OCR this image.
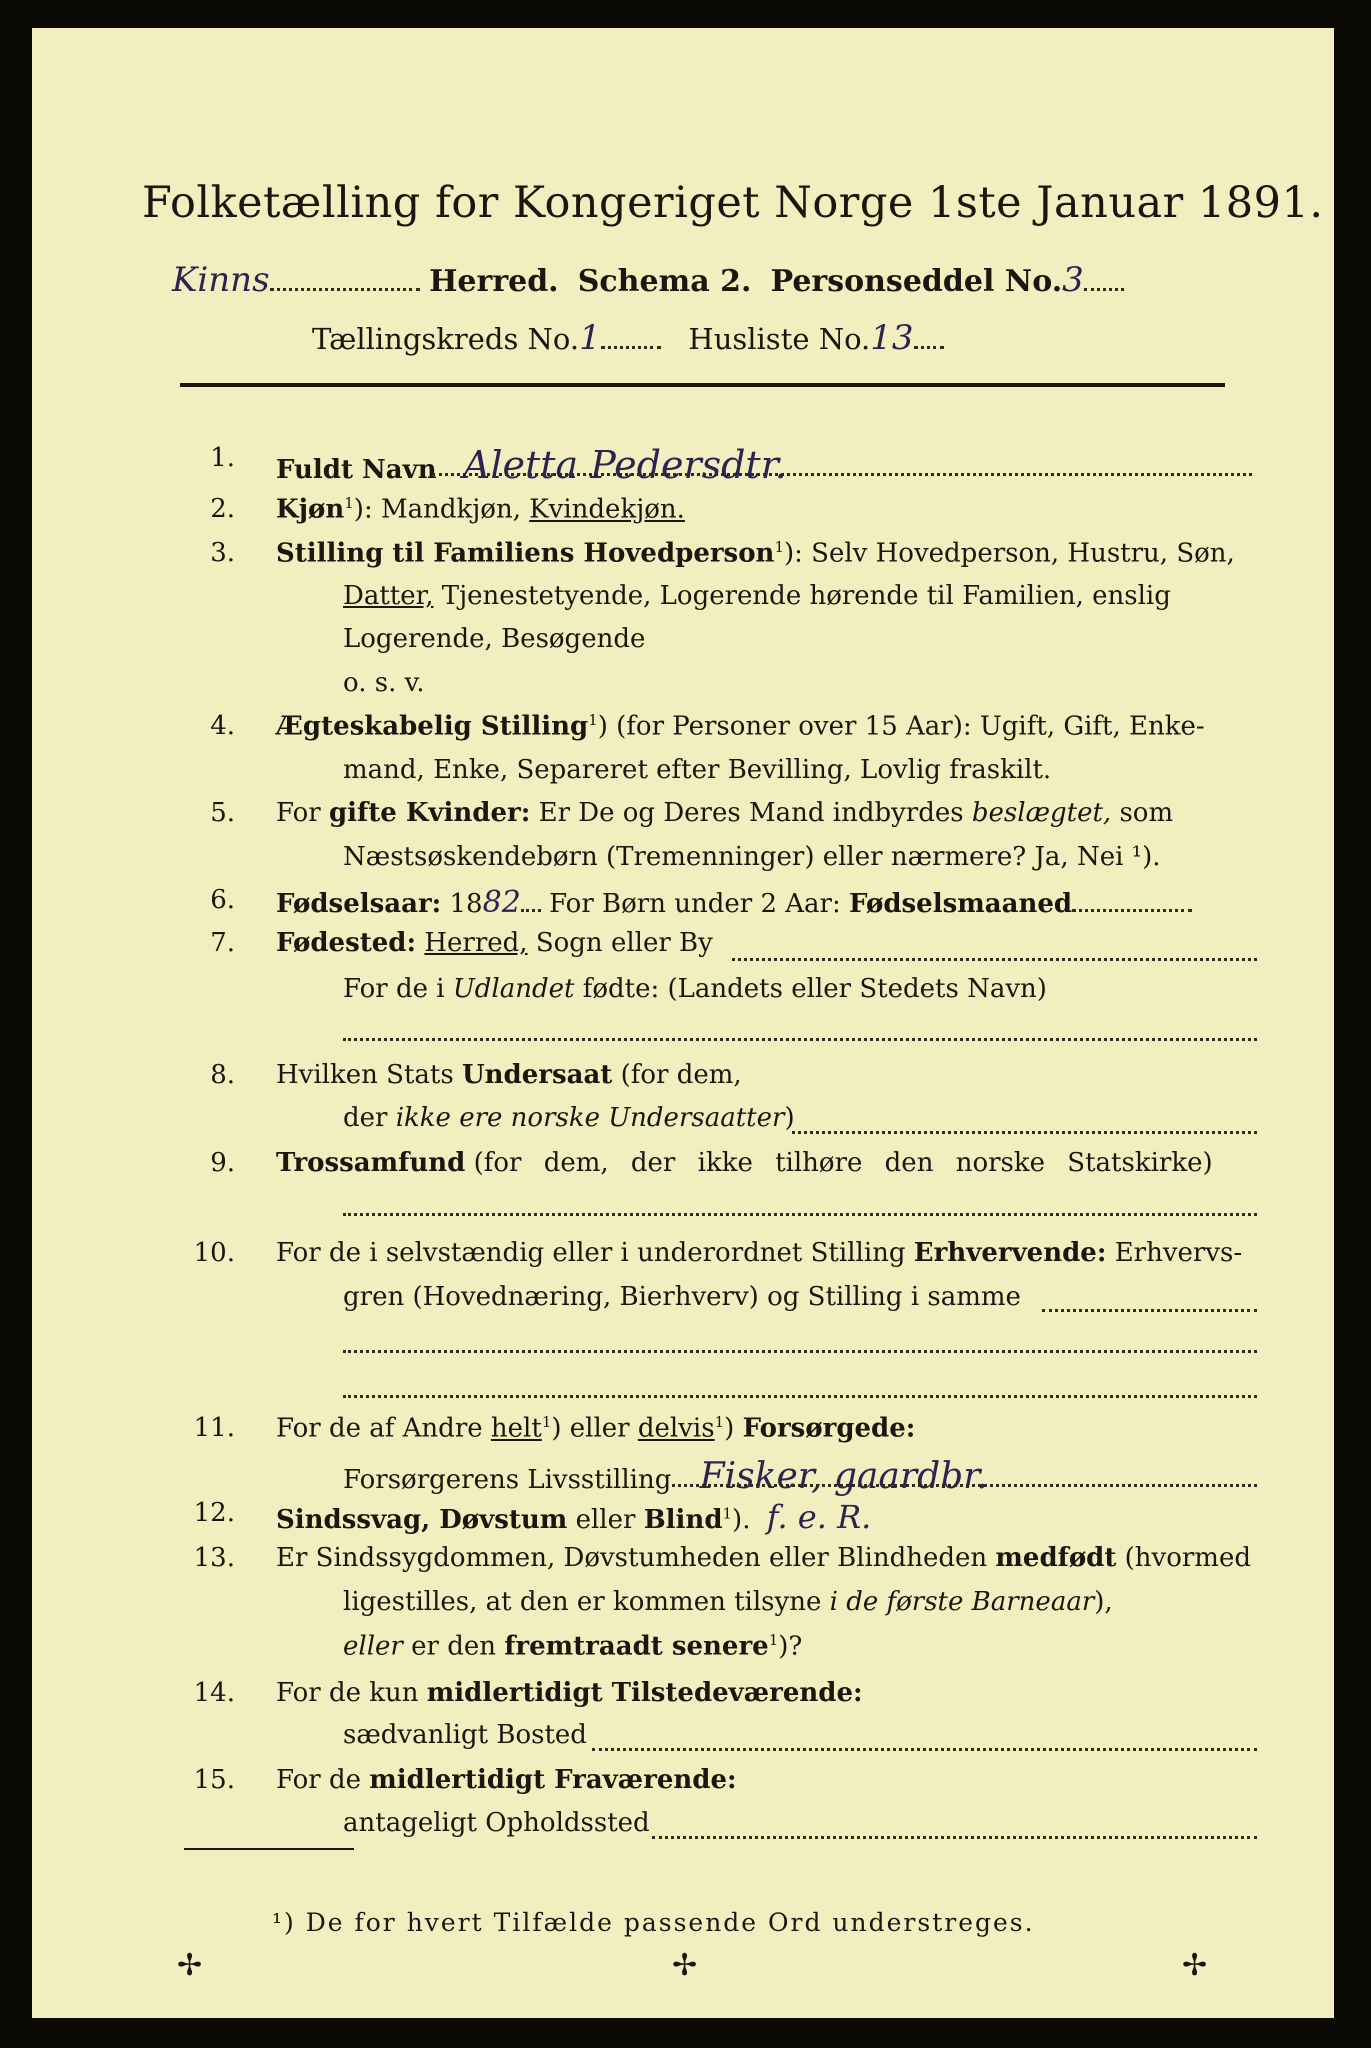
Folketælling for Kongeriget Norge 1ste Januar 1891.
Kinns	Herred. Schema 2. Personseddel No.3
Tællingskreds No.1	Husliste No.13
1. Fuldt Navn Aletta Pedersdtr.
2. Kjøn$^1$): Mandkjøn, Kvindekjøn.
3. Stilling til Familiens Hovedperson$^1$): Selv Hovedperson, Hustru, Søn,
Datter, Tjenestetyende, Logerende hørende til Familien, enslig
Logerende, Besøgende
o. s. v.
4. Ægteskabelig Stilling$^1$) (for Personer over 15 Aar): Ugift, Gift, Enke-
mand, Enke, Separeret efter Bevilling, Lovlig fraskilt.
5. For gifte Kvinder: Er De og Deres Mand indbyrdes beslægtet, som
Næstsøskendebørn (Tremenninger) eller nærmere? Ja, Nei ¹).
6. Fødselsaar: 1882 For Børn under 2 Aar: Fødselsmaaned
7. Fødested: Herred, Sogn eller By
For de i Udlandet fødte: (Landets eller Stedets Navn)
8. Hvilken Stats Undersaat (for dem,
der ikke ere norske Undersaatter)
9. Trossamfund (for dem, der ikke tilhøre den norske Statskirke)
10. For de i selvstændig eller i underordnet Stilling Erhvervende: Erhvervs-
gren (Hovednæring, Bierhverv) og Stilling i samme
11. For de af Andre helt$^1$) eller delvis$^1$) Forsørgede:
Forsørgerens Livsstilling Fisker, gaardbr.
12. Sindssvag, Døvstum eller Blind$^1$). f. e. R.
13. Er Sindssygdommen, Døvstumheden eller Blindheden medfødt (hvormed
ligestilles, at den er kommen tilsyne i de første Barneaar),
eller er den fremtraadt senere$^1$)?
14. For de kun midlertidigt Tilstedeværende:
sædvanligt Bosted
15. For de midlertidigt Fraværende:
antageligt Opholdssted
¹) De for hvert Tilfælde passende Ord understreges.
✢	✢	✢
